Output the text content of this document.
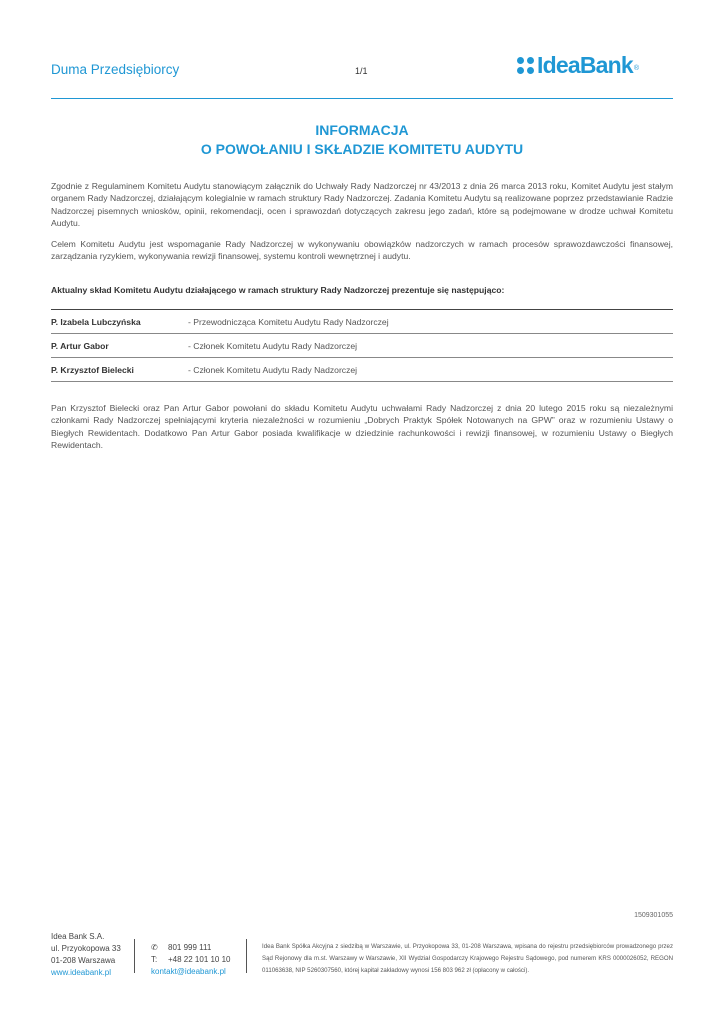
Duma Przedsiębiorcy	1/1	IdeaBank ®
INFORMACJA
O POWOŁANIU I SKŁADZIE KOMITETU AUDYTU

Zgodnie z Regulaminem Komitetu Audytu stanowiącym załącznik do Uchwały Rady Nadzorczej nr 43/2013 z dnia 26 marca 2013 roku, Komitet Audytu jest stałym organem Rady Nadzorczej, działającym kolegialnie w ramach struktury Rady Nadzorczej. Zadania Komitetu Audytu są realizowane poprzez przedstawianie Radzie Nadzorczej pisemnych wniosków, opinii, rekomendacji, ocen i sprawozdań dotyczących zakresu jego zadań, które są podejmowane w drodze uchwał Komitetu Audytu.

Celem Komitetu Audytu jest wspomaganie Rady Nadzorczej w wykonywaniu obowiązków nadzorczych w ramach procesów sprawozdawczości finansowej, zarządzania ryzykiem, wykonywania rewizji finansowej, systemu kontroli wewnętrznej i audytu.

Aktualny skład Komitetu Audytu działającego w ramach struktury Rady Nadzorczej prezentuje się następująco:

P. Izabela Lubczyńska	- Przewodnicząca Komitetu Audytu Rady Nadzorczej
P. Artur Gabor	- Członek Komitetu Audytu Rady Nadzorczej
P. Krzysztof Bielecki	- Członek Komitetu Audytu Rady Nadzorczej

Pan Krzysztof Bielecki oraz Pan Artur Gabor powołani do składu Komitetu Audytu uchwałami Rady Nadzorczej z dnia 20 lutego 2015 roku są niezależnymi członkami Rady Nadzorczej spełniającymi kryteria niezależności w rozumieniu „Dobrych Praktyk Spółek Notowanych na GPW” oraz w rozumieniu Ustawy o Biegłych Rewidentach. Dodatkowo Pan Artur Gabor posiada kwalifikacje w dziedzinie rachunkowości i rewizji finansowej, w rozumieniu Ustawy o Biegłych Rewidentach.

1509301055
Idea Bank S.A.
ul. Przyokopowa 33
01-208 Warszawa
www.ideabank.pl
✆ 801 999 111
T: +48 22 101 10 10
kontakt@ideabank.pl

Idea Bank Spółka Akcyjna z siedzibą w Warszawie, ul. Przyokopowa 33, 01-208 Warszawa, wpisana do rejestru przedsiębiorców prowadzonego przez Sąd Rejonowy dla m.st. Warszawy w Warszawie, XII Wydział Gospodarczy Krajowego Rejestru Sądowego, pod numerem KRS 0000026052, REGON 011063638, NIP 5260307560, której kapitał zakładowy wynosi 156 803 962 zł (opłacony w całości).
